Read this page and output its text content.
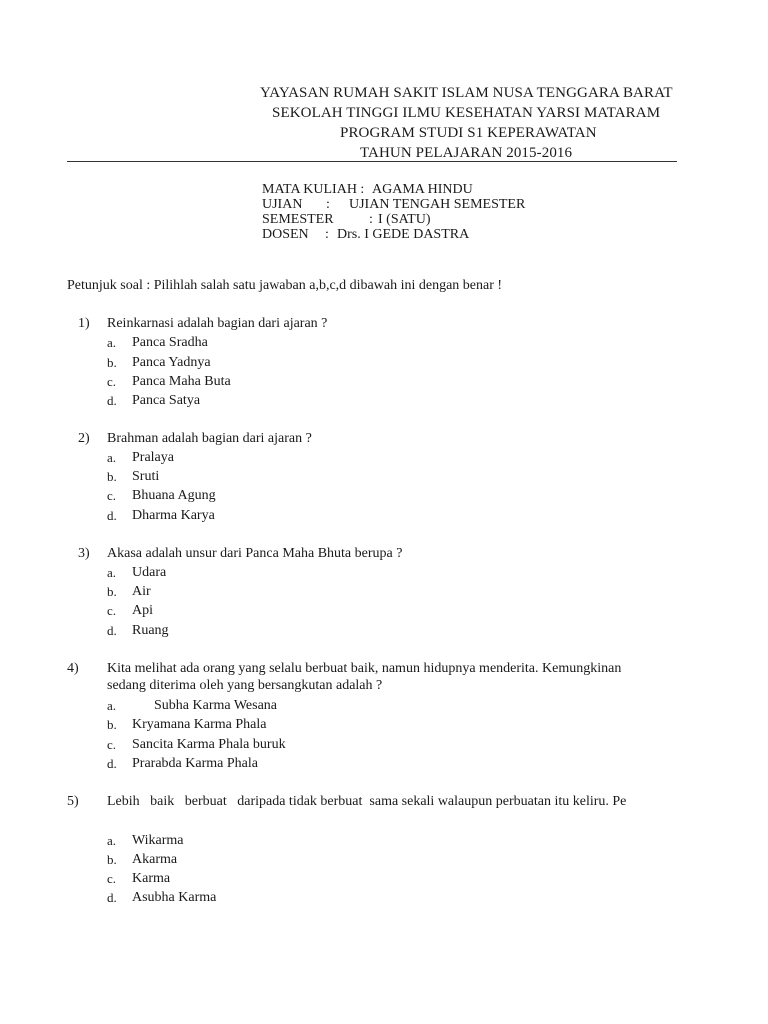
YAYASAN RUMAH SAKIT ISLAM NUSA TENGGARA BARAT
SEKOLAH TINGGI ILMU KESEHATAN YARSI MATARAM
PROGRAM STUDI S1 KEPERAWATAN
TAHUN PELAJARAN 2015-2016
MATA KULIAH : AGAMA HINDU
UJIAN : UJIAN TENGAH SEMESTER
SEMESTER	: I (SATU)
DOSEN : Drs. I GEDE DASTRA
Petunjuk soal : Pilihlah salah satu jawaban a,b,c,d dibawah ini dengan benar !
1) Reinkarnasi adalah bagian dari ajaran ?
a. Panca Sradha
b. Panca Yadnya
c. Panca Maha Buta
d. Panca Satya
2) Brahman adalah bagian dari ajaran ?
a. Pralaya
b. Sruti
c. Bhuana Agung
d. Dharma Karya
3) Akasa adalah unsur dari Panca Maha Bhuta berupa ?
a. Udara
b. Air
c. Api
d. Ruang
4) Kita melihat ada orang yang selalu berbuat baik, namun hidupnya menderita. Kemungkinan
sedang diterima oleh yang bersangkutan adalah ?
a.	Subha Karma Wesana
b. Kryamana Karma Phala
c. Sancita Karma Phala buruk
d. Prarabda Karma Phala
5) Lebih   baik   berbuat   daripada tidak berbuat  sama sekali walaupun perbuatan itu keliru. Pe
a. Wikarma
b. Akarma
c. Karma
d. Asubha Karma
